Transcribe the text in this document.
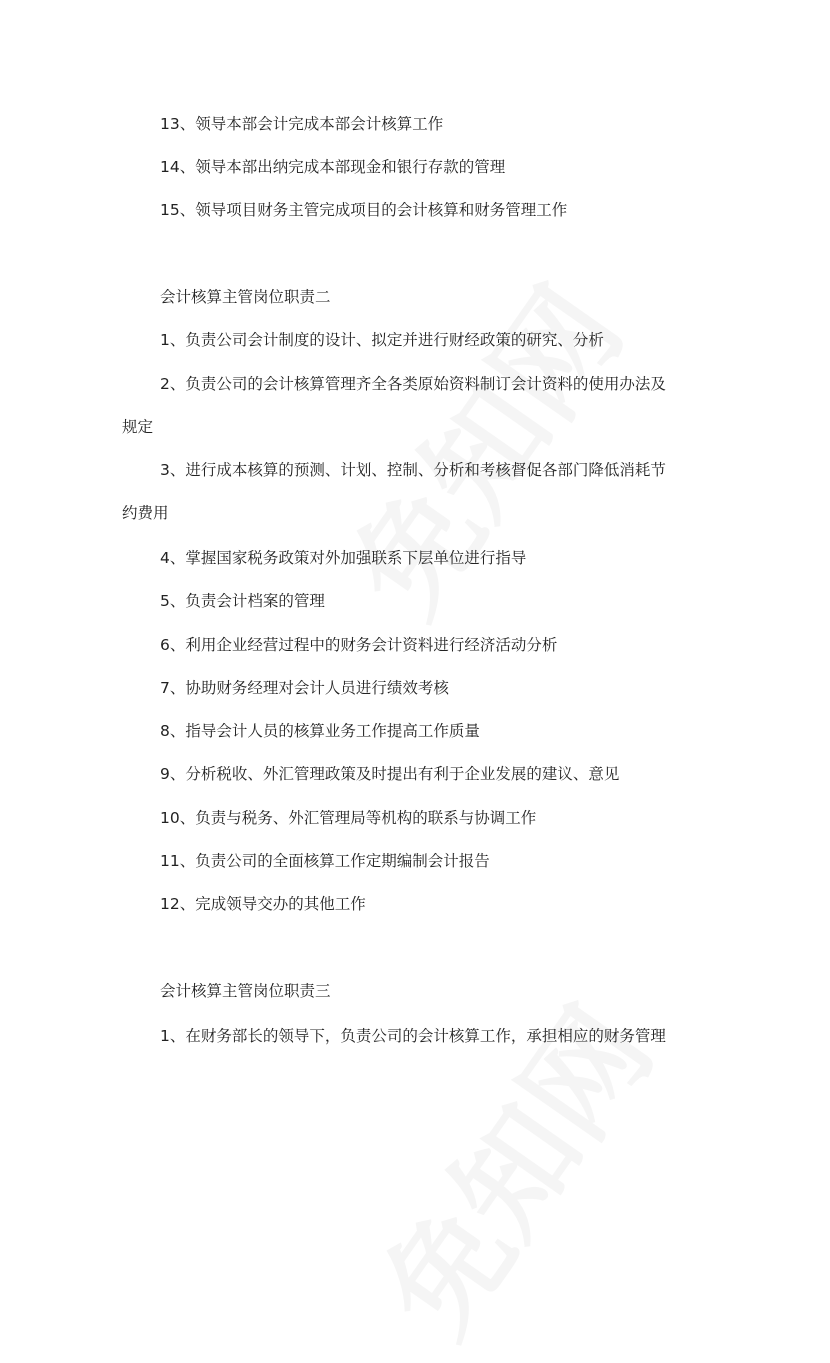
13、领导本部会计完成本部会计核算工作
14、领导本部出纳完成本部现金和银行存款的管理
15、领导项目财务主管完成项目的会计核算和财务管理工作
会计核算主管岗位职责二
1、负责公司会计制度的设计、拟定并进行财经政策的研究、分析
2、负责公司的会计核算管理齐全各类原始资料制订会计资料的使用办法及
规定
3、进行成本核算的预测、计划、控制、分析和考核督促各部门降低消耗节
约费用
4、掌握国家税务政策对外加强联系下层单位进行指导
5、负责会计档案的管理
6、利用企业经营过程中的财务会计资料进行经济活动分析
7、协助财务经理对会计人员进行绩效考核
8、指导会计人员的核算业务工作提高工作质量
9、分析税收、外汇管理政策及时提出有利于企业发展的建议、意见
10、负责与税务、外汇管理局等机构的联系与协调工作
11、负责公司的全面核算工作定期编制会计报告
12、完成领导交办的其他工作
会计核算主管岗位职责三
1、在财务部长的领导下，负责公司的会计核算工作，承担相应的财务管理
